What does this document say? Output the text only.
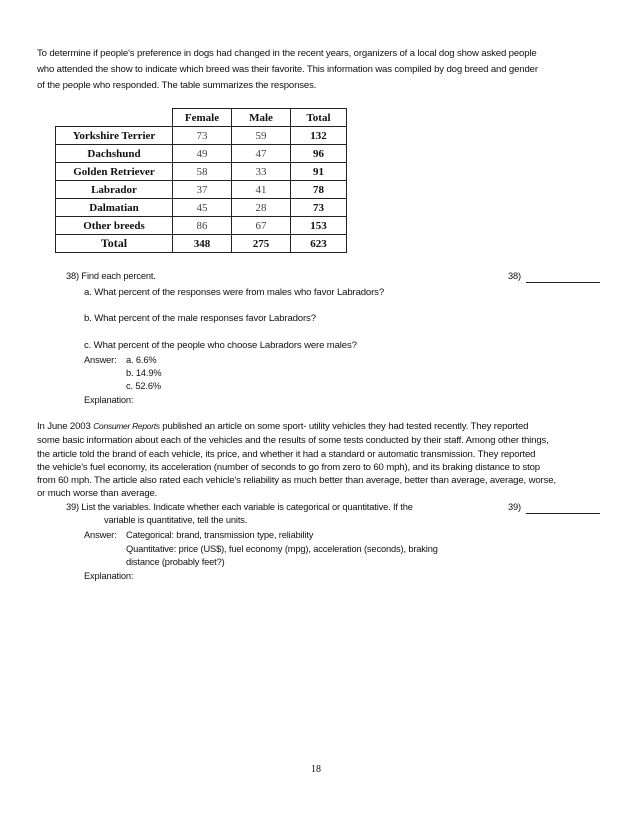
To determine if people's preference in dogs had changed in the recent years, organizers of a local dog show asked people
who attended the show to indicate which breed was their favorite. This information was compiled by dog breed and gender
of the people who responded. The table summarizes the responses.
	Female	Male	Total
Yorkshire Terrier	73	59	132
Dachshund	49	47	96
Golden Retriever	58	33	91
Labrador	37	41	78
Dalmatian	45	28	73
Other breeds	86	67	153
Total	348	275	623
38) Find each percent.	38)
a. What percent of the responses were from males who favor Labradors?
b. What percent of the male responses favor Labradors?
c. What percent of the people who choose Labradors were males?
Answer: a. 6.6%
b. 14.9%
c. 52.6%
Explanation:
In June 2003 Consumer Reports published an article on some sport- utility vehicles they had tested recently. They reported
some basic information about each of the vehicles and the results of some tests conducted by their staff. Among other things,
the article told the brand of each vehicle, its price, and whether it had a standard or automatic transmission. They reported
the vehicle's fuel economy, its acceleration (number of seconds to go from zero to 60 mph), and its braking distance to stop
from 60 mph. The article also rated each vehicle's reliability as much better than average, better than average, average, worse,
or much worse than average.
39) List the variables. Indicate whether each variable is categorical or quantitative. If the
variable is quantitative, tell the units.
39)
Answer: Categorical: brand, transmission type, reliability
Quantitative: price (US$), fuel economy (mpg), acceleration (seconds), braking
distance (probably feet?)
Explanation:
18
